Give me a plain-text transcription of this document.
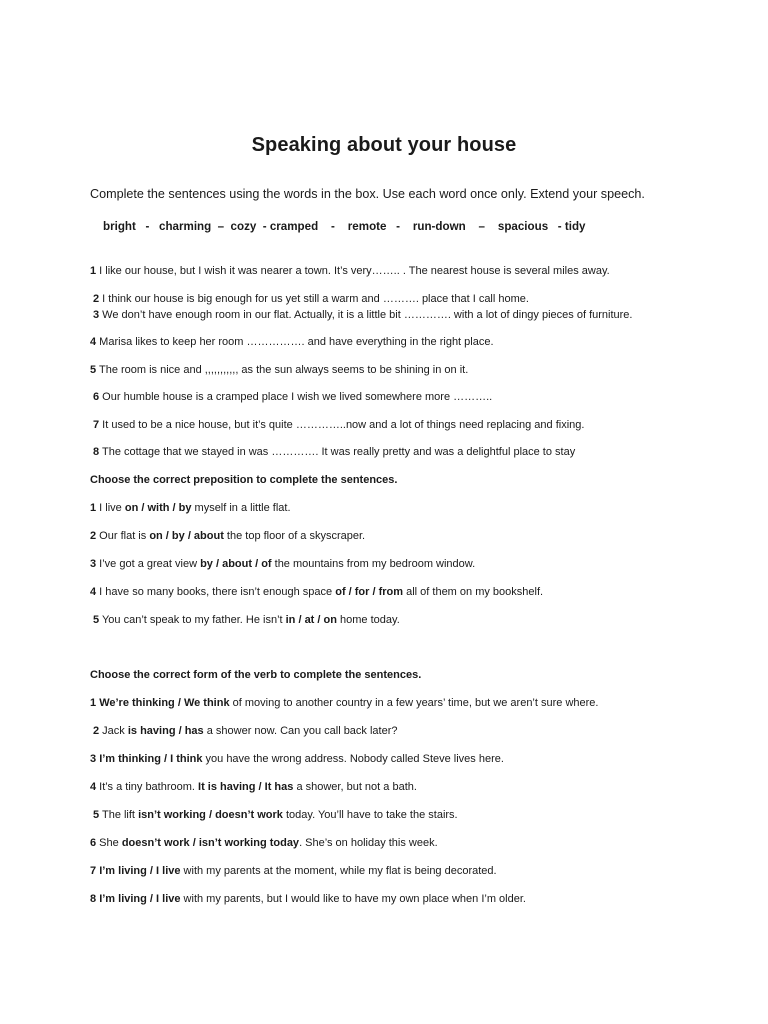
Speaking about your house
Complete the sentences using the words in the box. Use each word once only. Extend your speech.
bright   -   charming  –  cozy  - cramped    -    remote   -    run-down    –    spacious   - tidy
1 I like our house, but I wish it was nearer a town. It’s very…….. . The nearest house is several miles away.
2 I think our house is big enough for us yet still a warm and ………. place that I call home.
3 We don’t have enough room in our flat. Actually, it is a little bit …………. with a lot of dingy pieces of furniture.
4 Marisa likes to keep her room ……………. and have everything in the right place.
5 The room is nice and ,,,,,,,,,,, as the sun always seems to be shining in on it.
6 Our humble house is a cramped place I wish we lived somewhere more ………..
7 It used to be a nice house, but it’s quite …………..now and a lot of things need replacing and fixing.
8 The cottage that we stayed in was …………. It was really pretty and was a delightful place to stay
Choose the correct preposition to complete the sentences.
1 I live on / with / by myself in a little flat.
2 Our flat is on / by / about the top floor of a skyscraper.
3 I’ve got a great view by / about / of the mountains from my bedroom window.
4 I have so many books, there isn’t enough space of / for / from all of them on my bookshelf.
5 You can’t speak to my father. He isn’t in / at / on home today.
Choose the correct form of the verb to complete the sentences.
1 We’re thinking / We think of moving to another country in a few years’ time, but we aren’t sure where.
2 Jack is having / has a shower now. Can you call back later?
3 I’m thinking / I think you have the wrong address. Nobody called Steve lives here.
4 It’s a tiny bathroom. It is having / It has a shower, but not a bath.
5 The lift isn’t working / doesn’t work today. You’ll have to take the stairs.
6 She doesn’t work / isn’t working today. She’s on holiday this week.
7 I’m living / I live with my parents at the moment, while my flat is being decorated.
8 I’m living / I live with my parents, but I would like to have my own place when I’m older.
